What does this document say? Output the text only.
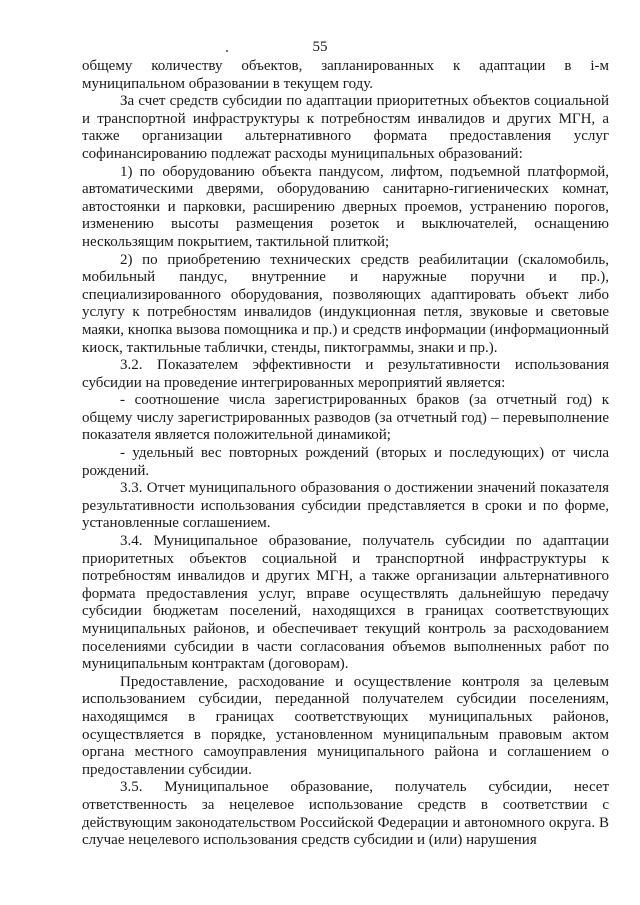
55

общему количеству объектов, запланированных к адаптации в i-м муниципальном образовании в текущем году.

За счет средств субсидии по адаптации приоритетных объектов социальной и транспортной инфраструктуры к потребностям инвалидов и других МГН, а также организации альтернативного формата предоставления услуг софинансированию подлежат расходы муниципальных образований:

1) по оборудованию объекта пандусом, лифтом, подъемной платформой, автоматическими дверями, оборудованию санитарно-гигиенических комнат, автостоянки и парковки, расширению дверных проемов, устранению порогов, изменению высоты размещения розеток и выключателей, оснащению нескользящим покрытием, тактильной плиткой;

2) по приобретению технических средств реабилитации (скаломобиль, мобильный пандус, внутренние и наружные поручни и пр.), специализированного оборудования, позволяющих адаптировать объект либо услугу к потребностям инвалидов (индукционная петля, звуковые и световые маяки, кнопка вызова помощника и пр.) и средств информации (информационный киоск, тактильные таблички, стенды, пиктограммы, знаки и пр.).

3.2. Показателем эффективности и результативности использования субсидии на проведение интегрированных мероприятий является:

- соотношение числа зарегистрированных браков (за отчетный год) к общему числу зарегистрированных разводов (за отчетный год) – перевыполнение показателя является положительной динамикой;

- удельный вес повторных рождений (вторых и последующих) от числа рождений.

3.3. Отчет муниципального образования о достижении значений показателя результативности использования субсидии представляется в сроки и по форме, установленные соглашением.

3.4. Муниципальное образование, получатель субсидии по адаптации приоритетных объектов социальной и транспортной инфраструктуры к потребностям инвалидов и других МГН, а также организации альтернативного формата предоставления услуг, вправе осуществлять дальнейшую передачу субсидии бюджетам поселений, находящихся в границах соответствующих муниципальных районов, и обеспечивает текущий контроль за расходованием поселениями субсидии в части согласования объемов выполненных работ по муниципальным контрактам (договорам).

Предоставление, расходование и осуществление контроля за целевым использованием субсидии, переданной получателем субсидии поселениям, находящимся в границах соответствующих муниципальных районов, осуществляется в порядке, установленном муниципальным правовым актом органа местного самоуправления муниципального района и соглашением о предоставлении субсидии.

3.5. Муниципальное образование, получатель субсидии, несет ответственность за нецелевое использование средств в соответствии с действующим законодательством Российской Федерации и автономного округа. В случае нецелевого использования средств субсидии и (или) нарушения
